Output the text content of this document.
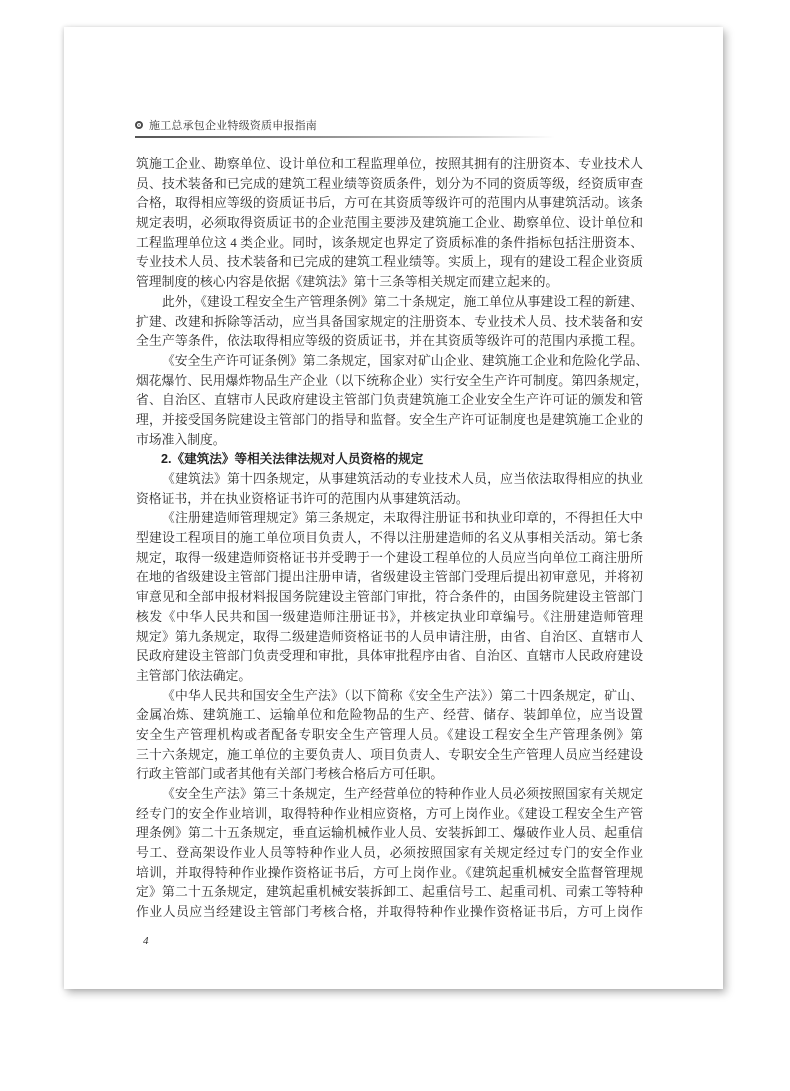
施工总承包企业特级资质申报指南
筑施工企业、勘察单位、设计单位和工程监理单位，按照其拥有的注册资本、专业技术人
员、技术装备和已完成的建筑工程业绩等资质条件，划分为不同的资质等级，经资质审查
合格，取得相应等级的资质证书后，方可在其资质等级许可的范围内从事建筑活动。该条
规定表明，必须取得资质证书的企业范围主要涉及建筑施工企业、勘察单位、设计单位和
工程监理单位这 4 类企业。同时，该条规定也界定了资质标准的条件指标包括注册资本、
专业技术人员、技术装备和已完成的建筑工程业绩等。实质上，现有的建设工程企业资质
管理制度的核心内容是依据《建筑法》第十三条等相关规定而建立起来的。
此外，《建设工程安全生产管理条例》第二十条规定，施工单位从事建设工程的新建、
扩建、改建和拆除等活动，应当具备国家规定的注册资本、专业技术人员、技术装备和安
全生产等条件，依法取得相应等级的资质证书，并在其资质等级许可的范围内承揽工程。
《安全生产许可证条例》第二条规定，国家对矿山企业、建筑施工企业和危险化学品、
烟花爆竹、民用爆炸物品生产企业（以下统称企业）实行安全生产许可制度。第四条规定，
省、自治区、直辖市人民政府建设主管部门负责建筑施工企业安全生产许可证的颁发和管
理，并接受国务院建设主管部门的指导和监督。安全生产许可证制度也是建筑施工企业的
市场准入制度。
2.《建筑法》等相关法律法规对人员资格的规定
《建筑法》第十四条规定，从事建筑活动的专业技术人员，应当依法取得相应的执业
资格证书，并在执业资格证书许可的范围内从事建筑活动。
《注册建造师管理规定》第三条规定，未取得注册证书和执业印章的，不得担任大中
型建设工程项目的施工单位项目负责人，不得以注册建造师的名义从事相关活动。第七条
规定，取得一级建造师资格证书并受聘于一个建设工程单位的人员应当向单位工商注册所
在地的省级建设主管部门提出注册申请，省级建设主管部门受理后提出初审意见，并将初
审意见和全部申报材料报国务院建设主管部门审批，符合条件的，由国务院建设主管部门
核发《中华人民共和国一级建造师注册证书》，并核定执业印章编号。《注册建造师管理
规定》第九条规定，取得二级建造师资格证书的人员申请注册，由省、自治区、直辖市人
民政府建设主管部门负责受理和审批，具体审批程序由省、自治区、直辖市人民政府建设
主管部门依法确定。
《中华人民共和国安全生产法》（以下简称《安全生产法》）第二十四条规定，矿山、
金属冶炼、建筑施工、运输单位和危险物品的生产、经营、储存、装卸单位，应当设置
安全生产管理机构或者配备专职安全生产管理人员。《建设工程安全生产管理条例》第
三十六条规定，施工单位的主要负责人、项目负责人、专职安全生产管理人员应当经建设
行政主管部门或者其他有关部门考核合格后方可任职。
《安全生产法》第三十条规定，生产经营单位的特种作业人员必须按照国家有关规定
经专门的安全作业培训，取得特种作业相应资格，方可上岗作业。《建设工程安全生产管
理条例》第二十五条规定，垂直运输机械作业人员、安装拆卸工、爆破作业人员、起重信
号工、登高架设作业人员等特种作业人员，必须按照国家有关规定经过专门的安全作业
培训，并取得特种作业操作资格证书后，方可上岗作业。《建筑起重机械安全监督管理规
定》第二十五条规定，建筑起重机械安装拆卸工、起重信号工、起重司机、司索工等特种
作业人员应当经建设主管部门考核合格，并取得特种作业操作资格证书后，方可上岗作
4
